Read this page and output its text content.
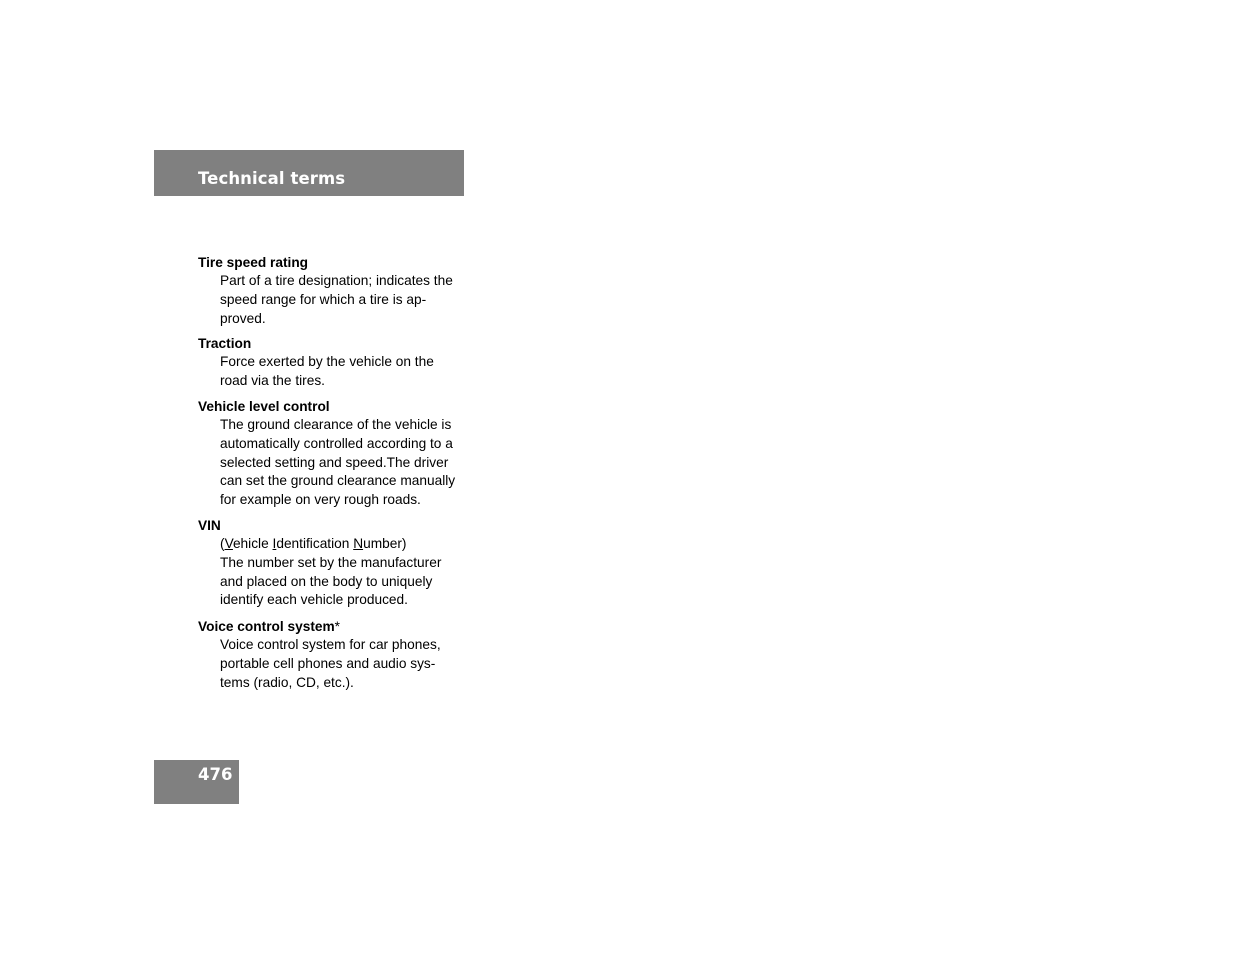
Technical terms
Tire speed rating

Part of a tire designation; indicates the

speed range for which a tire is ap-

proved.

Traction

Force exerted by the vehicle on the

road via the tires.

Vehicle level control

The ground clearance of the vehicle is

automatically controlled according to a

selected setting and speed.The driver

can set the ground clearance manually

for example on very rough roads.

VIN

(Vehicle Identification Number)

The number set by the manufacturer

and placed on the body to uniquely

identify each vehicle produced.

Voice control system*

Voice control system for car phones,

portable cell phones and audio sys-

tems (radio, CD, etc.).

476
